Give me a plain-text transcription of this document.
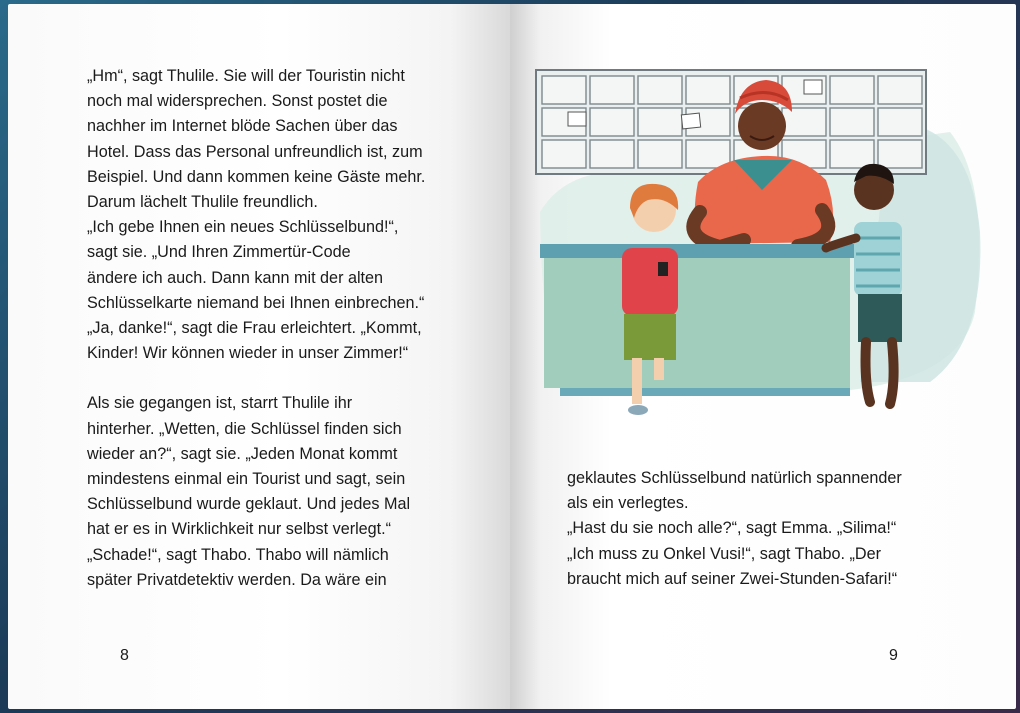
„Hm“, sagt Thulile. Sie will der Touristin nicht
noch mal widersprechen. Sonst postet die
nachher im Internet blöde Sachen über das
Hotel. Dass das Personal unfreundlich ist, zum
Beispiel. Und dann kommen keine Gäste mehr.
Darum lächelt Thulile freundlich.
„Ich gebe Ihnen ein neues Schlüsselbund!“,
sagt sie. „Und Ihren Zimmertür-Code
ändere ich auch. Dann kann mit der alten
Schlüsselkarte niemand bei Ihnen einbrechen.“
„Ja, danke!“, sagt die Frau erleichtert. „Kommt,
Kinder! Wir können wieder in unser Zimmer!“
Als sie gegangen ist, starrt Thulile ihr
hinterher. „Wetten, die Schlüssel finden sich
wieder an?“, sagt sie. „Jeden Monat kommt
mindestens einmal ein Tourist und sagt, sein
Schlüsselbund wurde geklaut. Und jedes Mal
hat er es in Wirklichkeit nur selbst verlegt.“
„Schade!“, sagt Thabo. Thabo will nämlich
später Privatdetektiv werden. Da wäre ein
8
geklautes Schlüsselbund natürlich spannender
als ein verlegtes.
„Hast du sie noch alle?“, sagt Emma. „Silima!“
„Ich muss zu Onkel Vusi!“, sagt Thabo. „Der
braucht mich auf seiner Zwei-Stunden-Safari!“
9
